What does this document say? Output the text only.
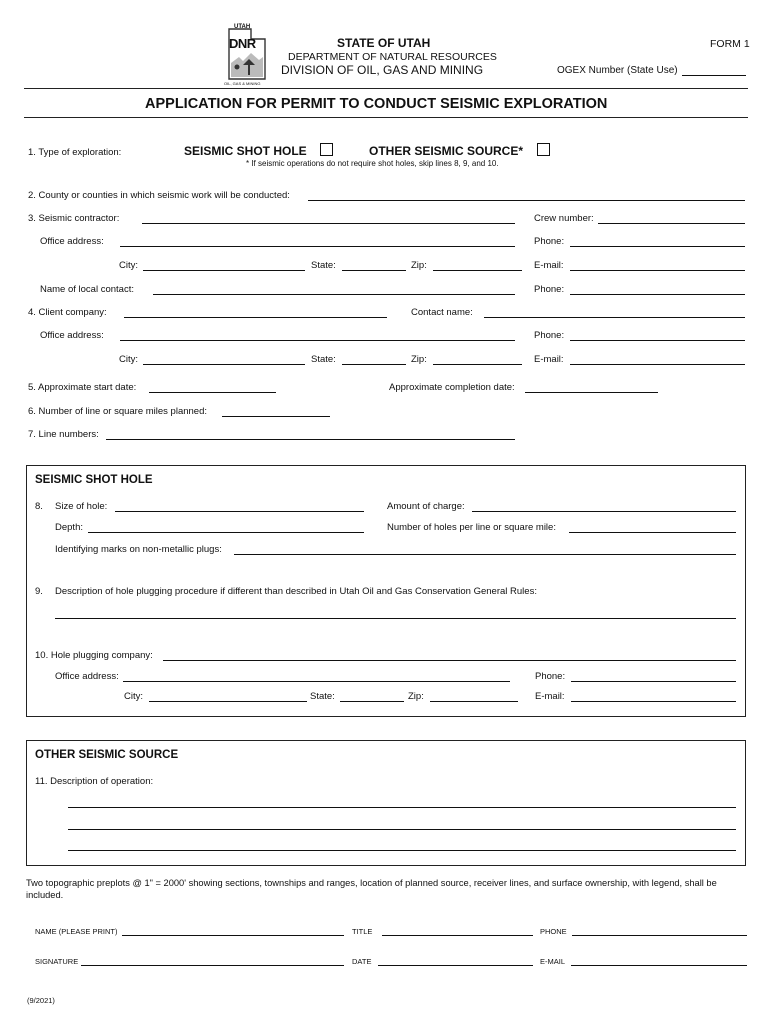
UTAH
DNR
OIL, GAS & MINING
STATE OF UTAH
DEPARTMENT OF NATURAL RESOURCES
DIVISION OF OIL, GAS AND MINING
FORM 1
OGEX Number (State Use)
APPLICATION FOR PERMIT TO CONDUCT SEISMIC EXPLORATION
1. Type of exploration:	SEISMIC SHOT HOLE	OTHER SEISMIC SOURCE*
* If seismic operations do not require shot holes, skip lines 8, 9, and 10.
2. County or counties in which seismic work will be conducted:
3. Seismic contractor:	Crew number:
Office address:	Phone:
City:	State:	Zip:	E-mail:
Name of local contact:	Phone:
4. Client company:	Contact name:
Office address:	Phone:
City:	State:	Zip:	E-mail:
5. Approximate start date:	Approximate completion date:
6. Number of line or square miles planned:
7. Line numbers:
SEISMIC SHOT HOLE
8. Size of hole:	Amount of charge:
Depth:	Number of holes per line or square mile:
Identifying marks on non-metallic plugs:
9. Description of hole plugging procedure if different than described in Utah Oil and Gas Conservation General Rules:
10. Hole plugging company:
Office address:	Phone:
City:	State:	Zip:	E-mail:
OTHER SEISMIC SOURCE
11. Description of operation:
Two topographic preplots @ 1" = 2000' showing sections, townships and ranges, location of planned source, receiver lines, and surface ownership, with legend, shall be included.
NAME (PLEASE PRINT)	TITLE	PHONE
SIGNATURE	DATE	E-MAIL
(9/2021)
